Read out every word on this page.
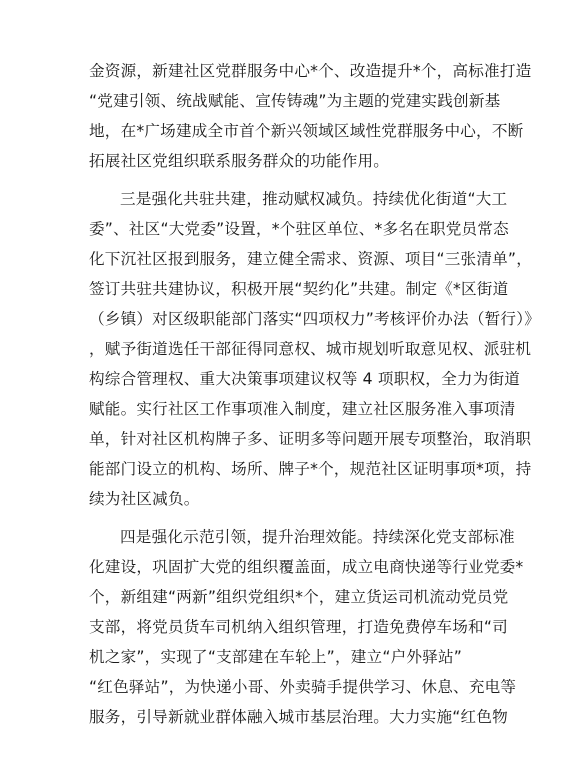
金资源，新建社区党群服务中心*个、改造提升*个，高标准打造
“党建引领、统战赋能、宣传铸魂”为主题的党建实践创新基
地，在*广场建成全市首个新兴领域区域性党群服务中心，不断
拓展社区党组织联系服务群众的功能作用。
三是强化共驻共建，推动赋权减负。持续优化街道“大工
委”、社区“大党委”设置，*个驻区单位、*多名在职党员常态
化下沉社区报到服务，建立健全需求、资源、项目“三张清单”，
签订共驻共建协议，积极开展“契约化”共建。制定《*区街道
（乡镇）对区级职能部门落实“四项权力”考核评价办法（暂行）》
，赋予街道选任干部征得同意权、城市规划听取意见权、派驻机
构综合管理权、重大决策事项建议权等 4 项职权，全力为街道
赋能。实行社区工作事项准入制度，建立社区服务准入事项清
单，针对社区机构牌子多、证明多等问题开展专项整治，取消职
能部门设立的机构、场所、牌子*个，规范社区证明事项*项，持
续为社区减负。
四是强化示范引领，提升治理效能。持续深化党支部标准
化建设，巩固扩大党的组织覆盖面，成立电商快递等行业党委*
个，新组建“两新”组织党组织*个，建立货运司机流动党员党
支部，将党员货车司机纳入组织管理，打造免费停车场和“司
机之家”，实现了“支部建在车轮上”，建立“户外驿站”
“红色驿站”，为快递小哥、外卖骑手提供学习、休息、充电等
服务，引导新就业群体融入城市基层治理。大力实施“红色物
